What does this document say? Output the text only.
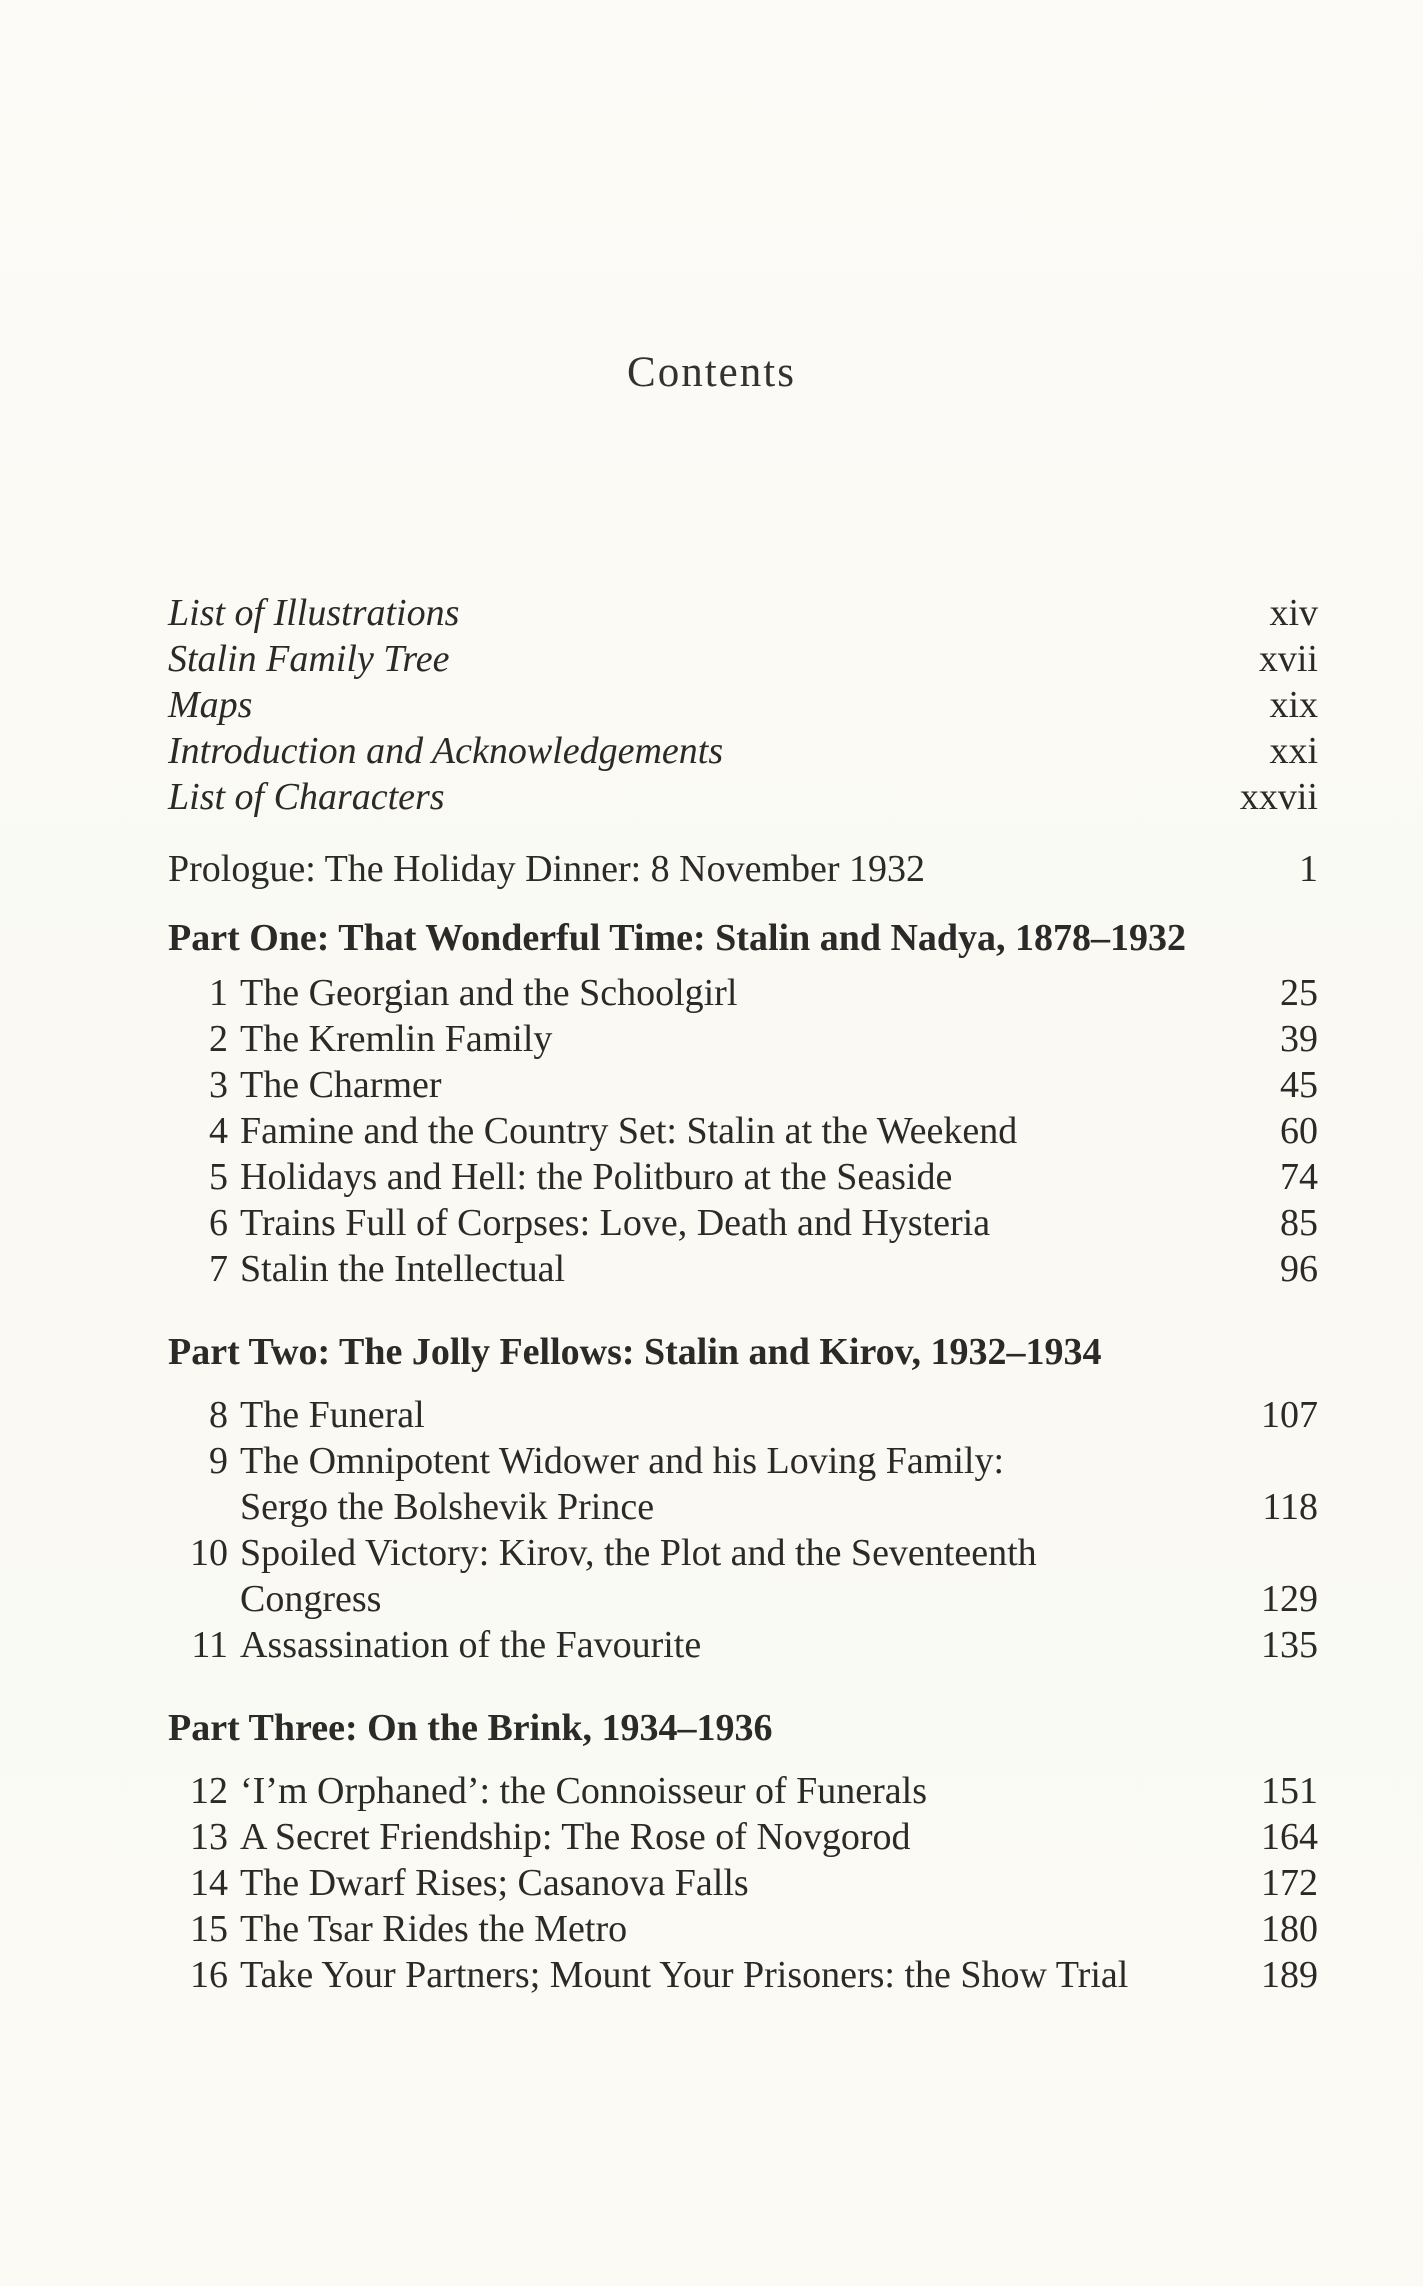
Contents
List of Illustrations	xiv
Stalin Family Tree	xvii
Maps	xix
Introduction and Acknowledgements	xxi
List of Characters	xxvii
Prologue: The Holiday Dinner: 8 November 1932	1
Part One: That Wonderful Time: Stalin and Nadya, 1878–1932
1 The Georgian and the Schoolgirl	25
2 The Kremlin Family	39
3 The Charmer	45
4 Famine and the Country Set: Stalin at the Weekend	60
5 Holidays and Hell: the Politburo at the Seaside	74
6 Trains Full of Corpses: Love, Death and Hysteria	85
7 Stalin the Intellectual	96
Part Two: The Jolly Fellows: Stalin and Kirov, 1932–1934
8 The Funeral	107
9 The Omnipotent Widower and his Loving Family:
Sergo the Bolshevik Prince	118
10 Spoiled Victory: Kirov, the Plot and the Seventeenth
Congress	129
11 Assassination of the Favourite	135
Part Three: On the Brink, 1934–1936
12 ‘I’m Orphaned’: the Connoisseur of Funerals	151
13 A Secret Friendship: The Rose of Novgorod	164
14 The Dwarf Rises; Casanova Falls	172
15 The Tsar Rides the Metro	180
16 Take Your Partners; Mount Your Prisoners: the Show Trial	189
